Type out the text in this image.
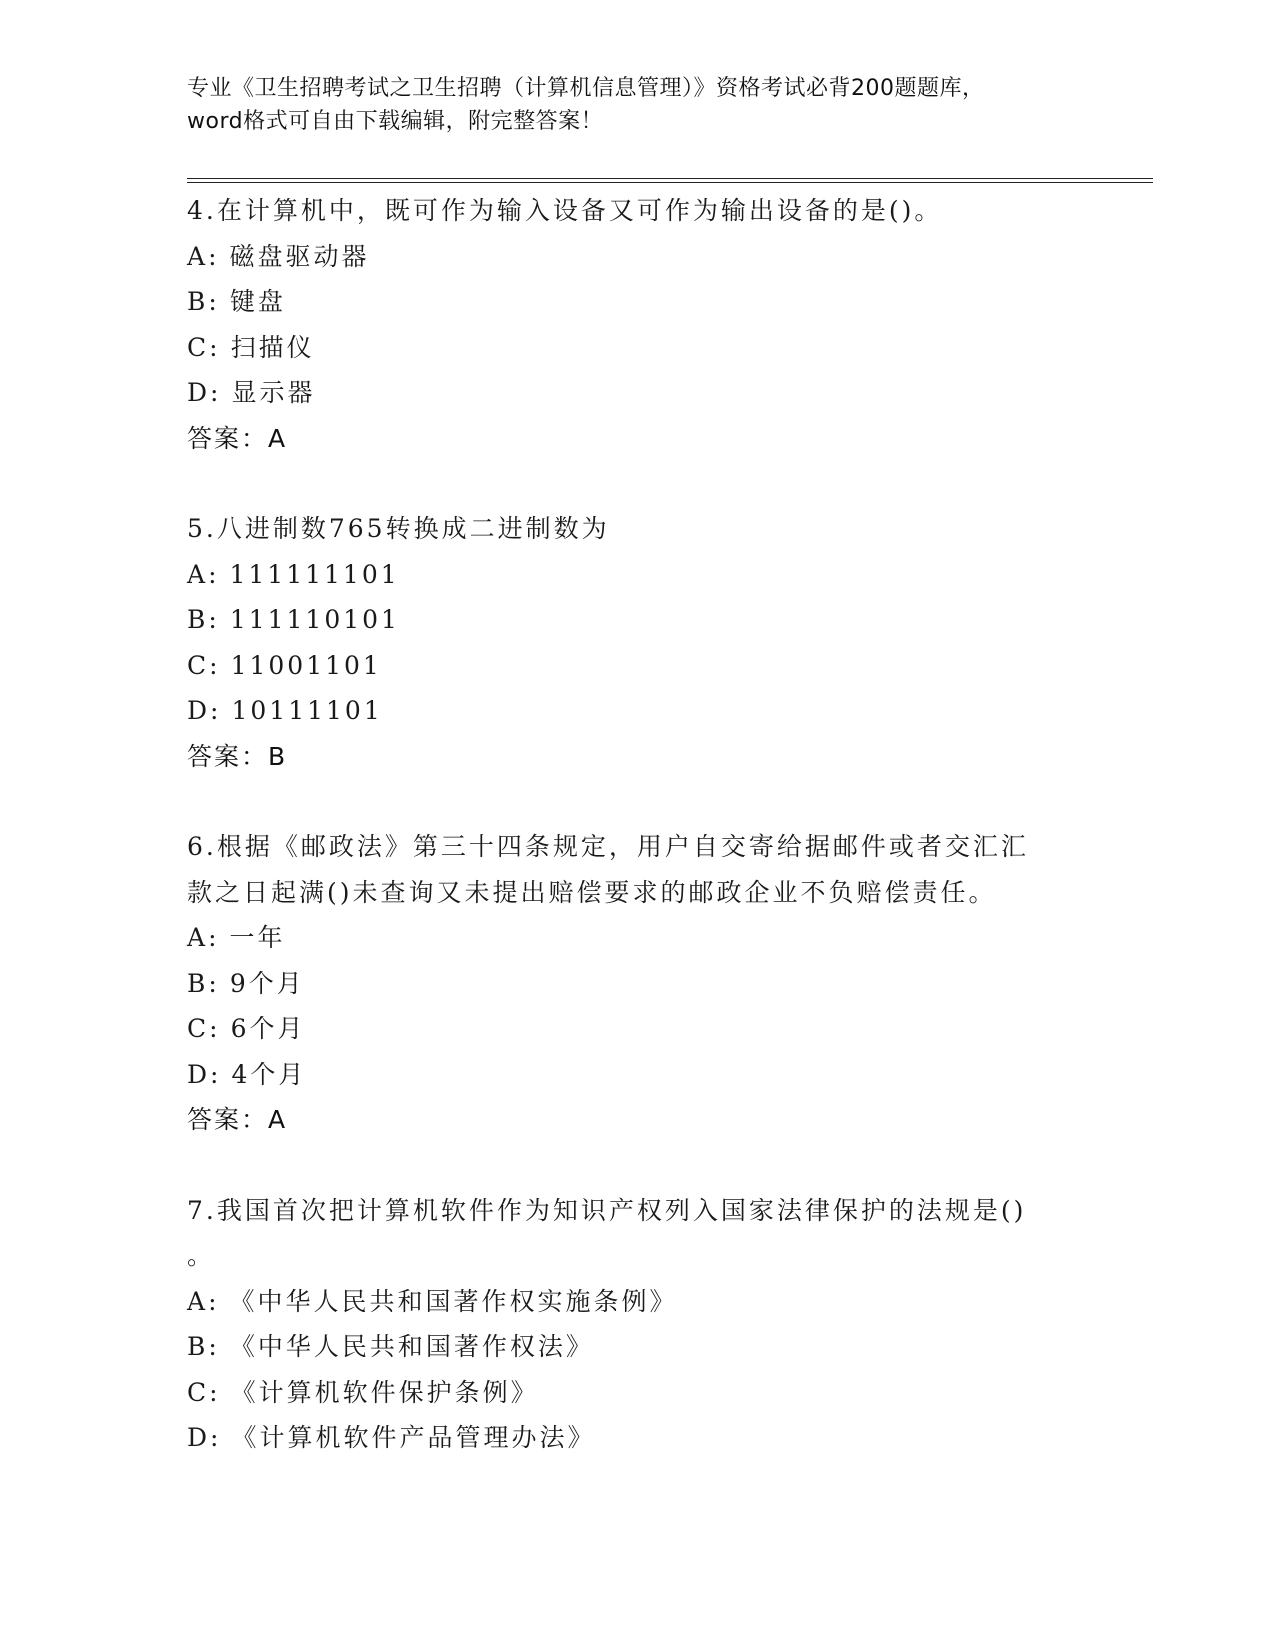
专业《卫生招聘考试之卫生招聘（计算机信息管理）》资格考试必背200题题库，
word格式可自由下载编辑，附完整答案！
4.在计算机中，既可作为输入设备又可作为输出设备的是()。
A: 磁盘驱动器
B: 键盘
C: 扫描仪
D: 显示器
答案：A
5.八进制数765转换成二进制数为
A: 111111101
B: 111110101
C: 11001101
D: 10111101
答案：B
6.根据《邮政法》第三十四条规定，用户自交寄给据邮件或者交汇汇
款之日起满()未查询又未提出赔偿要求的邮政企业不负赔偿责任。
A: 一年
B: 9个月
C: 6个月
D: 4个月
答案：A
7.我国首次把计算机软件作为知识产权列入国家法律保护的法规是()
。
A: 《中华人民共和国著作权实施条例》
B: 《中华人民共和国著作权法》
C: 《计算机软件保护条例》
D: 《计算机软件产品管理办法》
